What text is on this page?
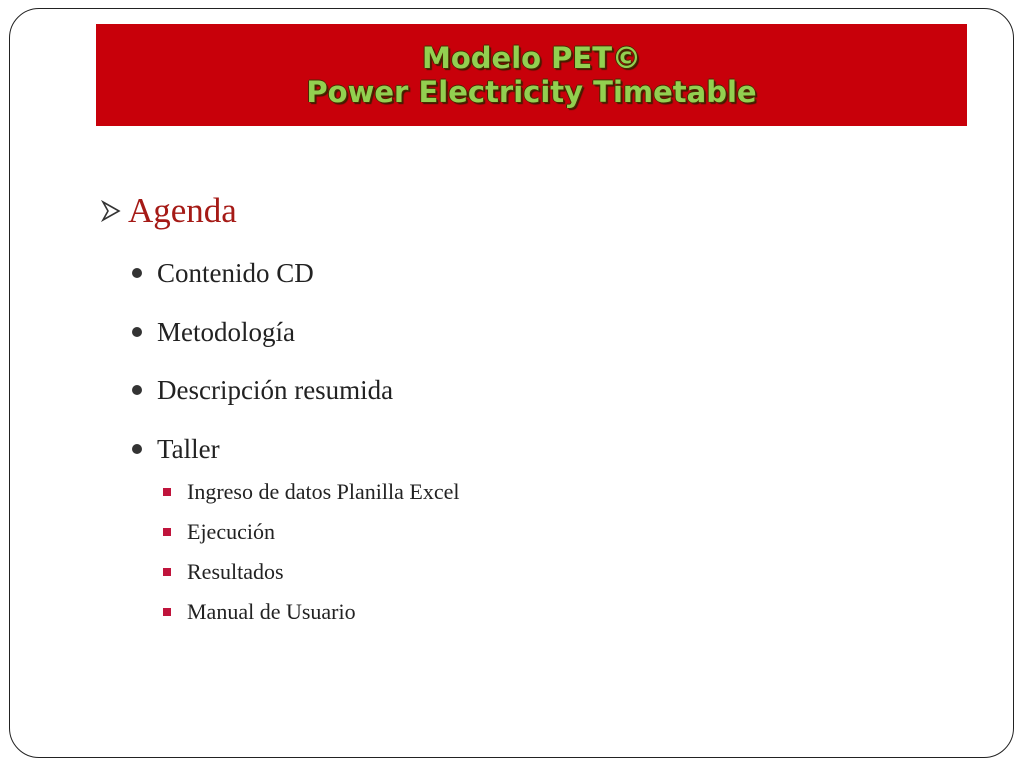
Modelo PET©
Power Electricity Timetable
Agenda
Contenido CD
Metodología
Descripción resumida
Taller
Ingreso de datos Planilla Excel
Ejecución
Resultados
Manual de Usuario
